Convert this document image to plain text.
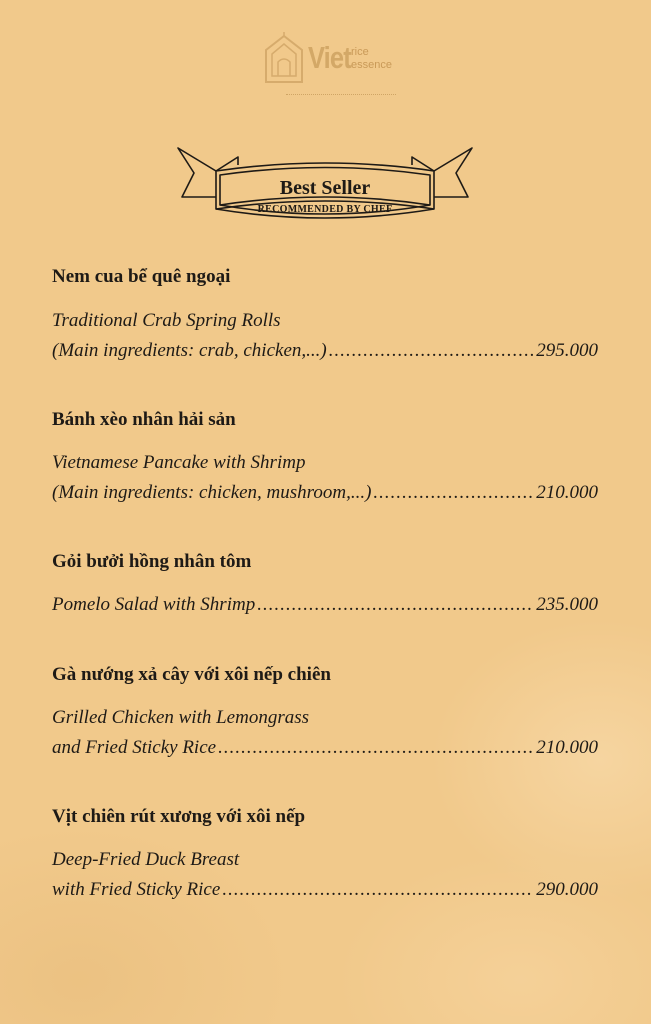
Viet rice
essence
Best Seller
RECOMMENDED BY CHEF
Nem cua bể quê ngoại
Traditional Crab Spring Rolls
(Main ingredients: crab, chicken,...) .....	295.000
Bánh xèo nhân hải sản
Vietnamese Pancake with Shrimp
(Main ingredients: chicken, mushroom,...) .....	210.000
Gỏi bưởi hồng nhân tôm
Pomelo Salad with Shrimp .....	235.000
Gà nướng xả cây với xôi nếp chiên
Grilled Chicken with Lemongrass
and Fried Sticky Rice .....	210.000
Vịt chiên rút xương với xôi nếp
Deep-Fried Duck Breast
with Fried Sticky Rice .....	290.000
